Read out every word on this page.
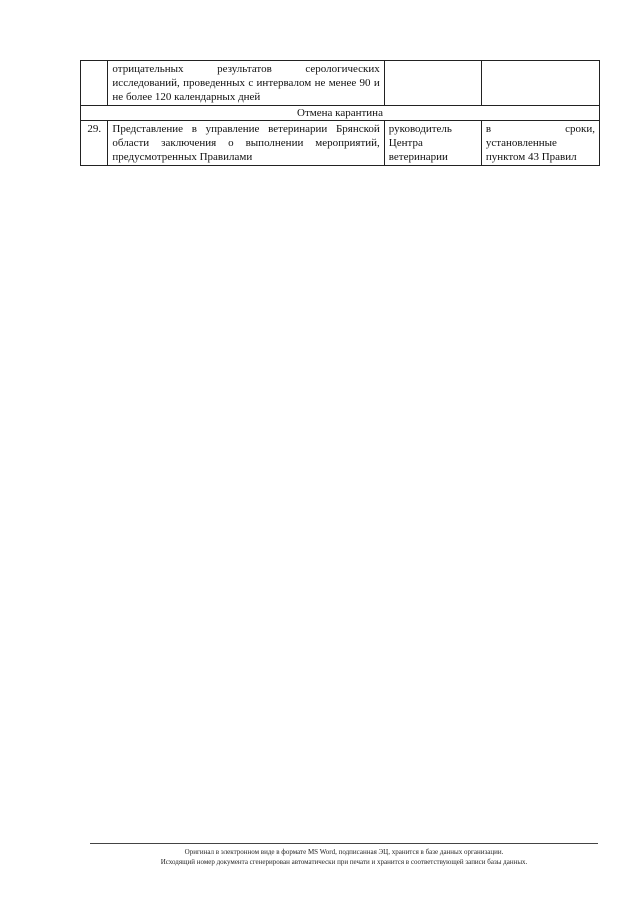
	отрицательных результатов серологических исследований, проведенных с интервалом не менее 90 и не более 120 календарных дней		
Отмена карантина			
29.	Представление в управление ветеринарии Брянской области заключения о выполнении мероприятий, предусмотренных Правилами	руководитель Центра ветеринарии	в сроки, установленные пунктом 43 Правил
Оригинал в электронном виде в формате MS Word, подписанная ЭЦ, хранится в базе данных организации.
Исходящий номер документа сгенерирован автоматически при печати и хранится в соответствующей записи базы данных.
